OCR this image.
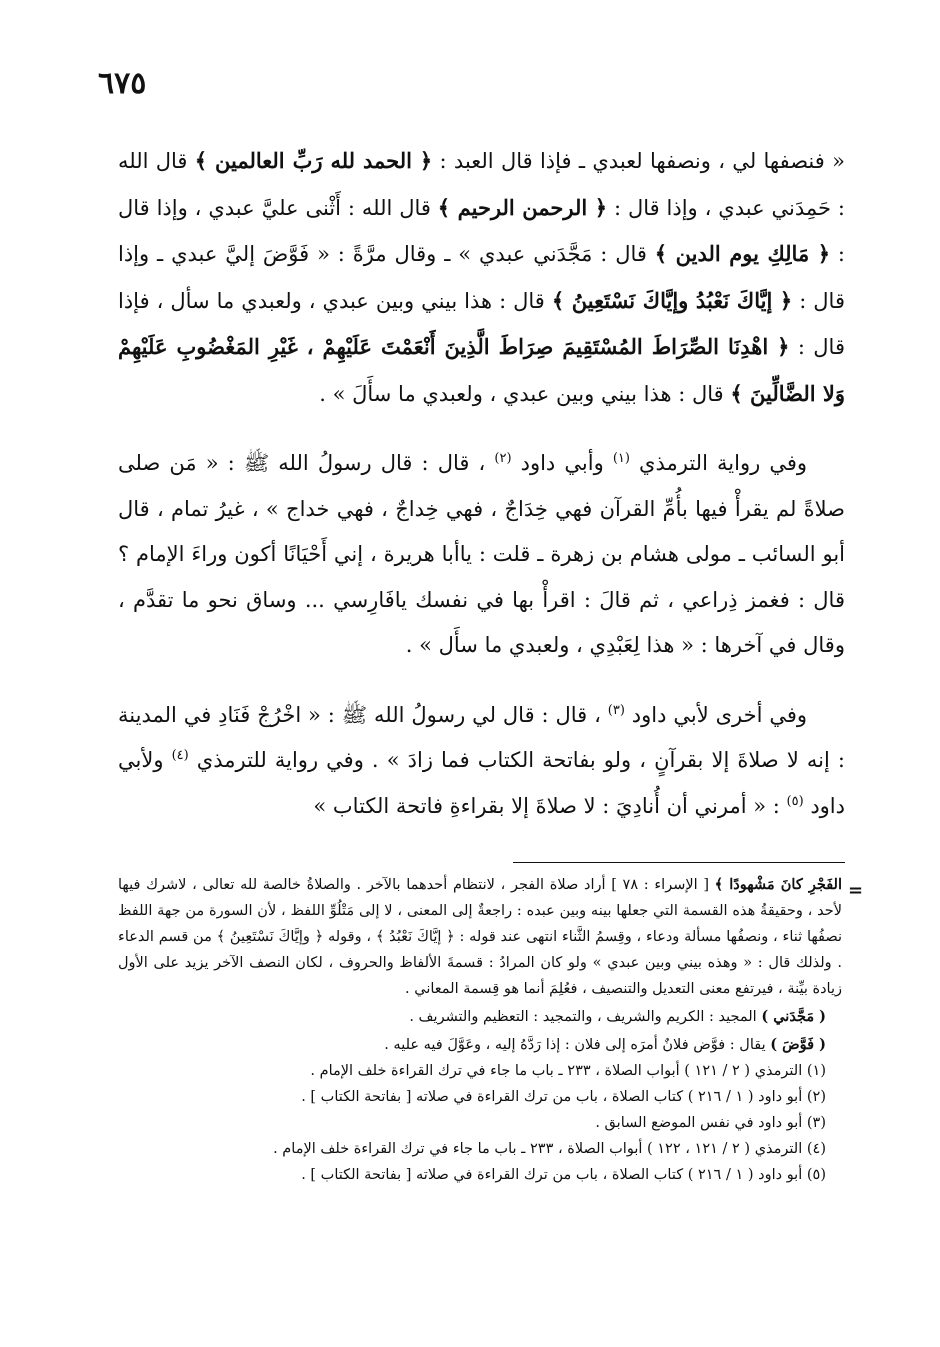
٦٧٥

« فنصفها لي ، ونصفها لعبدي ـ فإذا قال العبد : ﴿ الحمد لله رَبِّ العالمين ﴾ قال الله : حَمِدَني عبدي ، وإذا قال : ﴿ الرحمن الرحيم ﴾ قال الله : أَثْنى عليَّ عبدي ، وإذا قال : ﴿ مَالِكِ يوم الدين ﴾ قال : مَجَّدَني عبدي » ـ وقال مرَّةً : « فَوَّضَ إليَّ عبدي ـ وإذا قال : ﴿ إيَّاكَ نَعْبُدُ وإيَّاكَ نَسْتَعِينُ ﴾ قال : هذا بيني وبين عبدي ، ولعبدي ما سأل ، فإذا قال : ﴿ اهْدِنَا الصِّرَاطَ المُسْتَقِيمَ صِرَاطَ الَّذِينَ أَنْعَمْتَ عَلَيْهِمْ ، غَيْرِ المَغْضُوبِ عَلَيْهِمْ وَلا الضَّالِّينَ ﴾ قال : هذا بيني وبين عبدي ، ولعبدي ما سأَلَ » .

وفي رواية الترمذي $^{(١)}$ وأبي داود $^{(٢)}$ ، قال : قال رسولُ الله ﷺ : « مَن صلى صلاةً لم يقرأْ فيها بأُمِّ القرآن فهي خِدَاجٌ ، فهي خِداجٌ ، فهي خداج » ، غيرُ تمام ، قال أبو السائب ـ مولى هشام بن زهرة ـ قلت : ياأبا هريرة ، إني أَحْيَانًا أكون وراءَ الإمام ؟ قال : فغمز ذِراعي ، ثم قالَ : اقرأْ بها في نفسك يافَارِسي ... وساق نحو ما تقدَّم ، وقال في آخرها : « هذا لِعَبْدِي ، ولعبدي ما سأَل » .

وفي أخرى لأبي داود $^{(٣)}$ ، قال : قال لي رسولُ الله ﷺ : « اخْرُجْ فَنَادِ في المدينة : إنه لا صلاةَ إلا بقرآنٍ ، ولو بفاتحة الكتاب فما زادَ » . وفي رواية للترمذي $^{(٤)}$ ولأبي داود $^{(٥)}$ : « أمرني أن أُنادِيَ : لا صلاةَ إلا بقراءةِ فاتحة الكتاب »

=

الفَجْرِ كانَ مَشْهودًا ﴾ [ الإسراء : ٧٨ ] أراد صلاة الفجر ، لانتظام أحدهما بالآخر . والصلاةُ خالصة لله تعالى ، لاشرك فيها لأحد ، وحقيقةُ هذه القسمة التي جعلها بينه وبين عبده : راجعةٌ إلى المعنى ، لا إلى مَتْلُوِّ اللفظ ، لأن السورة من جهة اللفظ نصفُها ثناء ، ونصفُها مسألة ودعاء ، وقِسمُ الثَّناء انتهى عند قوله : ﴿ إيَّاكَ نَعْبُدُ ﴾ ، وقوله ﴿ وإيَّاكَ نَسْتَعِينُ ﴾ من قسم الدعاء . ولذلك قال : « وهذه بيني وبين عبدي » ولو كان المرادُ : قسمةَ الألفاظ والحروف ، لكان النصف الآخر يزيد على الأول زيادة بيِّنة ، فيرتفع معنى التعديل والتنصيف ، فعُلِمَ أنما هو قِسمة المعاني .

( مَجَّدَني ) المجيد : الكريم والشريف ، والتمجيد : التعظيم والتشريف .

( فَوَّضَ ) يقال : فوَّض فلانٌ أمرَه إلى فلان : إذا رَدَّهُ إليه ، وعَوَّلَ فيه عليه .

(١) الترمذي ( ٢ / ١٢١ ) أبواب الصلاة ، ٢٣٣ ـ باب ما جاء في ترك القراءة خلف الإمام .

(٢) أبو داود ( ١ / ٢١٦ ) كتاب الصلاة ، باب من ترك القراءة في صلاته [ بفاتحة الكتاب ] .

(٣) أبو داود في نفس الموضع السابق .

(٤) الترمذي ( ٢ / ١٢١ ، ١٢٢ ) أبواب الصلاة ، ٢٣٣ ـ باب ما جاء في ترك القراءة خلف الإمام .

(٥) أبو داود ( ١ / ٢١٦ ) كتاب الصلاة ، باب من ترك القراءة في صلاته [ بفاتحة الكتاب ] .
